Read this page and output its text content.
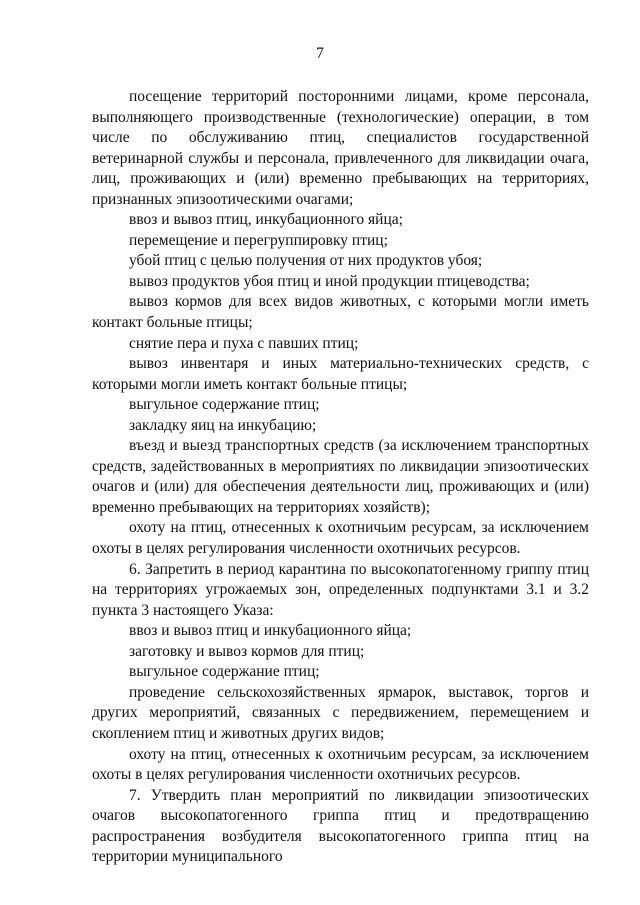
7

посещение территорий посторонними лицами, кроме персонала, выполняющего производственные (технологические) операции, в том числе по обслуживанию птиц, специалистов государственной ветеринарной службы и персонала, привлеченного для ликвидации очага, лиц, проживающих и (или) временно пребывающих на территориях, признанных эпизоотическими очагами;

ввоз и вывоз птиц, инкубационного яйца;

перемещение и перегруппировку птиц;

убой птиц с целью получения от них продуктов убоя;

вывоз продуктов убоя птиц и иной продукции птицеводства;

вывоз кормов для всех видов животных, с которыми могли иметь контакт больные птицы;

снятие пера и пуха с павших птиц;

вывоз инвентаря и иных материально-технических средств, с которыми могли иметь контакт больные птицы;

выгульное содержание птиц;

закладку яиц на инкубацию;

въезд и выезд транспортных средств (за исключением транспортных средств, задействованных в мероприятиях по ликвидации эпизоотических очагов и (или) для обеспечения деятельности лиц, проживающих и (или) временно пребывающих на территориях хозяйств);

охоту на птиц, отнесенных к охотничьим ресурсам, за исключением охоты в целях регулирования численности охотничьих ресурсов.

6. Запретить в период карантина по высокопатогенному гриппу птиц на территориях угрожаемых зон, определенных подпунктами 3.1 и 3.2 пункта 3 настоящего Указа:

ввоз и вывоз птиц и инкубационного яйца;

заготовку и вывоз кормов для птиц;

выгульное содержание птиц;

проведение сельскохозяйственных ярмарок, выставок, торгов и других мероприятий, связанных с передвижением, перемещением и скоплением птиц и животных других видов;

охоту на птиц, отнесенных к охотничьим ресурсам, за исключением охоты в целях регулирования численности охотничьих ресурсов.

7. Утвердить план мероприятий по ликвидации эпизоотических очагов высокопатогенного гриппа птиц и предотвращению распространения возбудителя высокопатогенного гриппа птиц на территории муниципального
